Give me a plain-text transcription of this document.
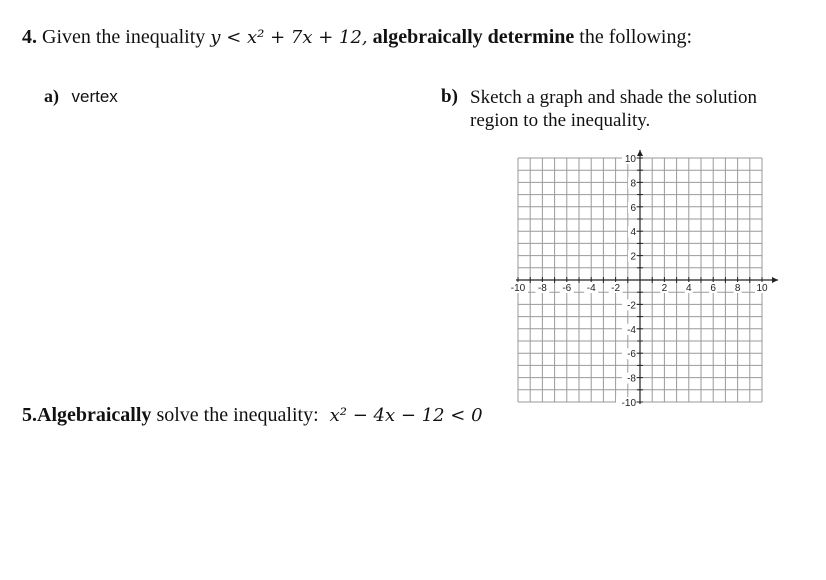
4. Given the inequality y < x² + 7x + 12, algebraically determine the following:
a) vertex	b) Sketch a graph and shade the solution
region to the inequality.
-10 -8 -6 -4 -2	2 4 6 8 10
10
8
6
4
2
-2
-4
-6
-8
-10
5.Algebraically solve the inequality: x² − 4x − 12 < 0
